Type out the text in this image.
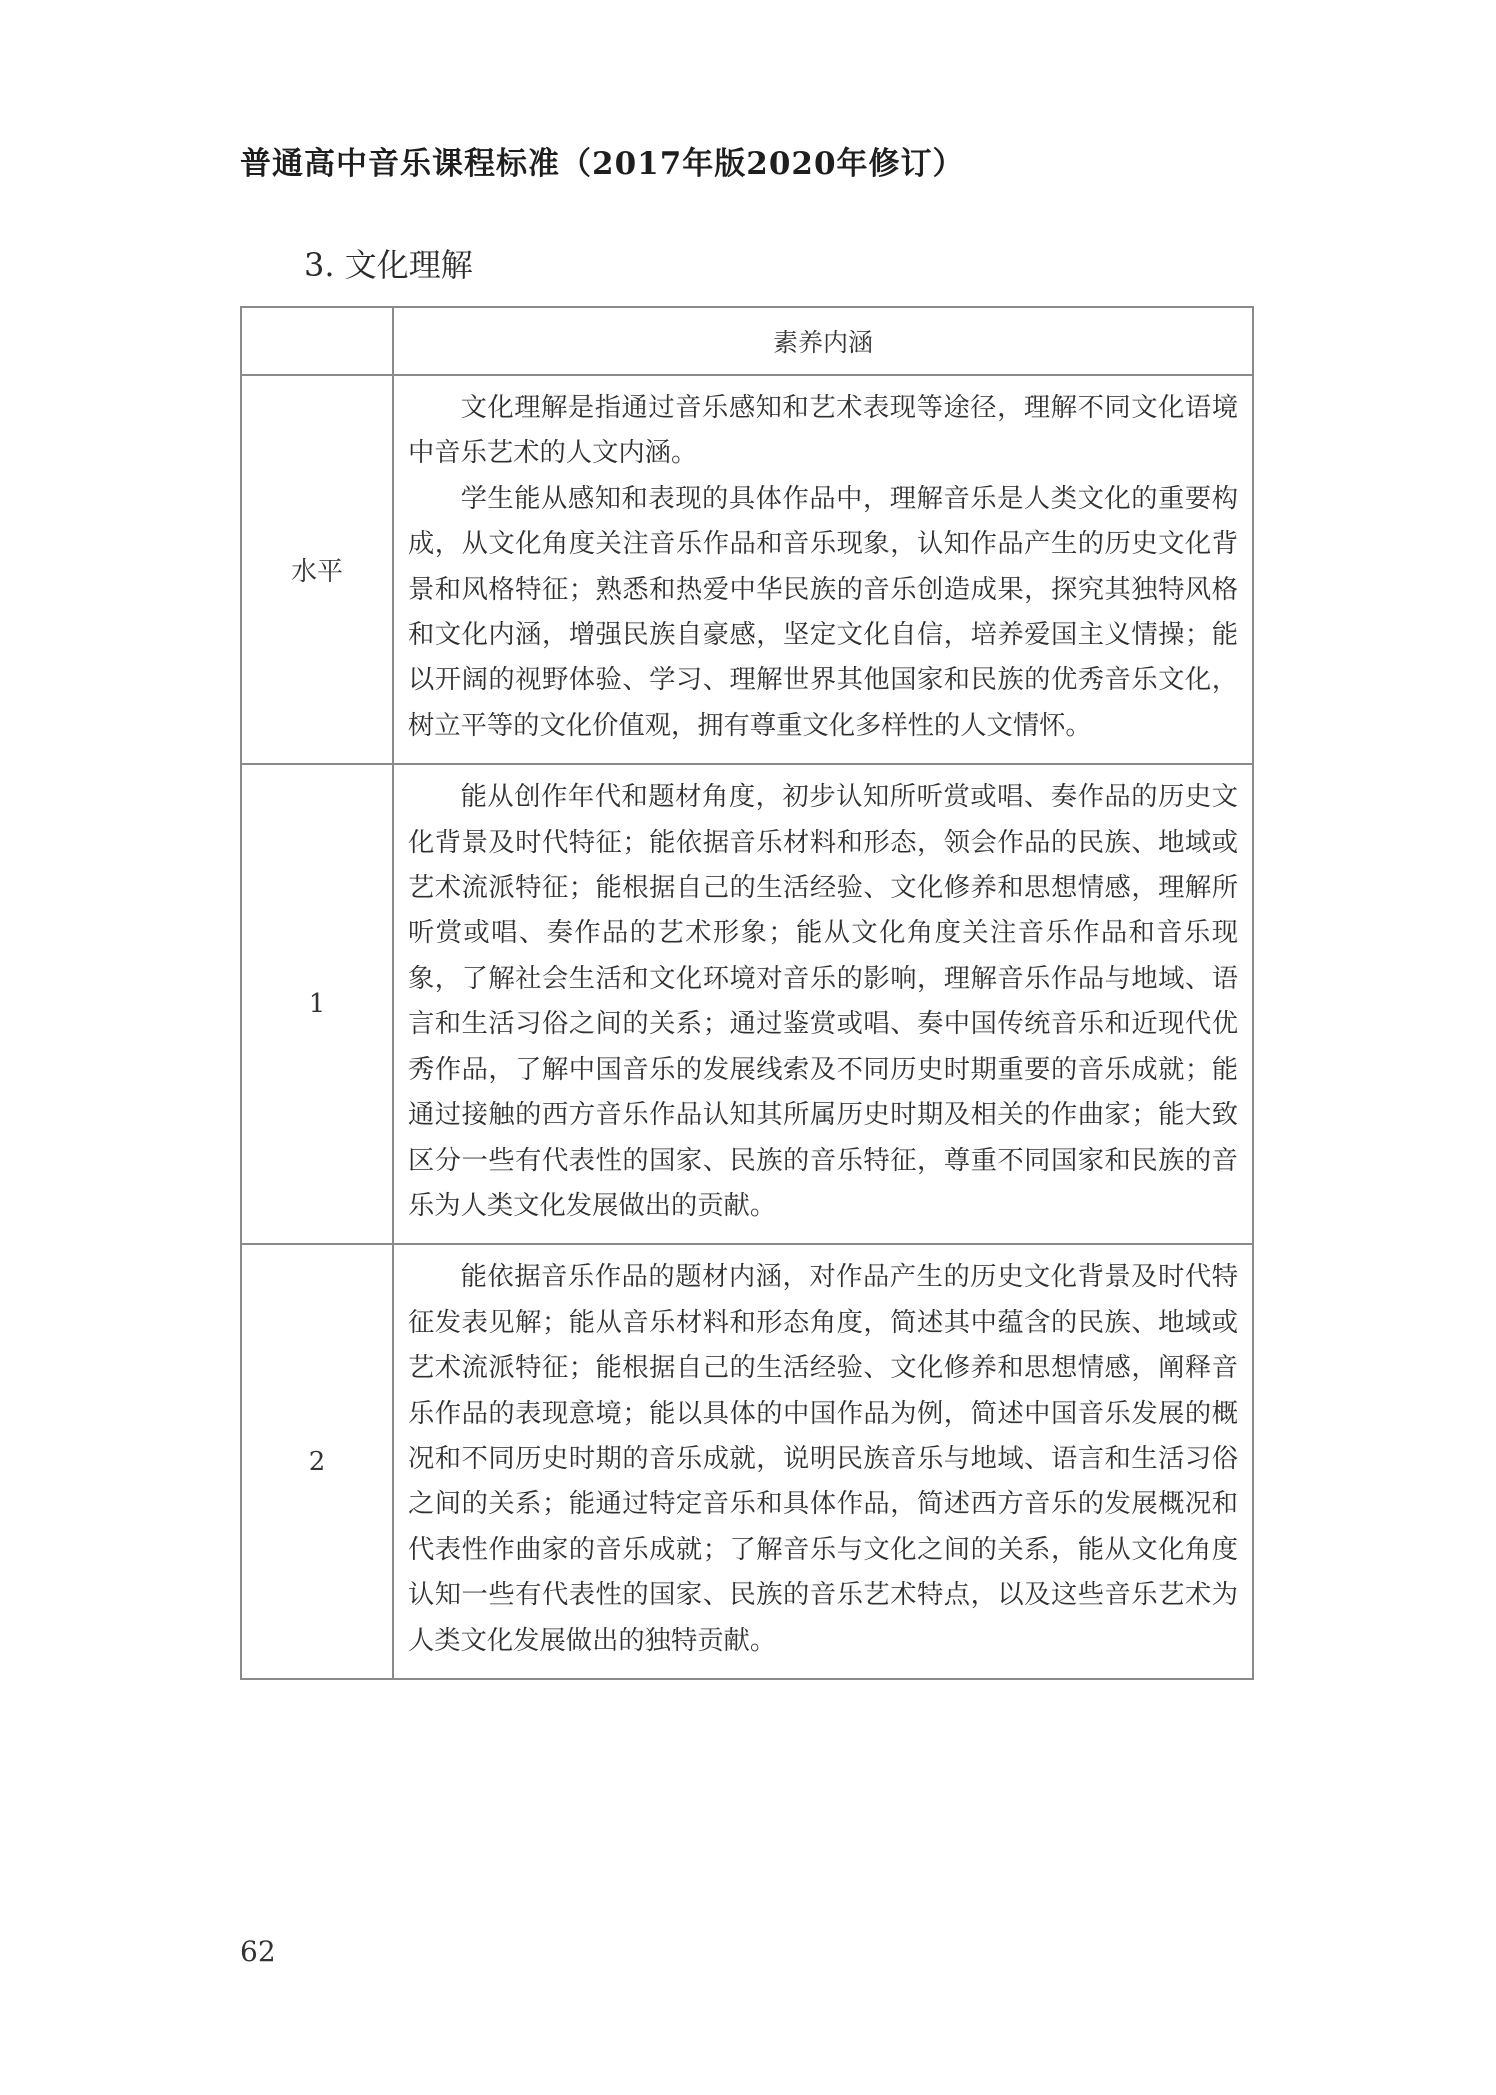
普通高中音乐课程标准（2017年版2020年修订）
3. 文化理解
	素养内涵
水平	文化理解是指通过音乐感知和艺术表现等途径，理解不同文化语境中音乐艺术的人文内涵。

学生能从感知和表现的具体作品中，理解音乐是人类文化的重要构成，从文化角度关注音乐作品和音乐现象，认知作品产生的历史文化背景和风格特征；熟悉和热爱中华民族的音乐创造成果，探究其独特风格和文化内涵，增强民族自豪感，坚定文化自信，培养爱国主义情操；能以开阔的视野体验、学习、理解世界其他国家和民族的优秀音乐文化，树立平等的文化价值观，拥有尊重文化多样性的人文情怀。

1	能从创作年代和题材角度，初步认知所听赏或唱、奏作品的历史文化背景及时代特征；能依据音乐材料和形态，领会作品的民族、地域或艺术流派特征；能根据自己的生活经验、文化修养和思想情感，理解所听赏或唱、奏作品的艺术形象；能从文化角度关注音乐作品和音乐现象，了解社会生活和文化环境对音乐的影响，理解音乐作品与地域、语言和生活习俗之间的关系；通过鉴赏或唱、奏中国传统音乐和近现代优秀作品，了解中国音乐的发展线索及不同历史时期重要的音乐成就；能通过接触的西方音乐作品认知其所属历史时期及相关的作曲家；能大致区分一些有代表性的国家、民族的音乐特征，尊重不同国家和民族的音乐为人类文化发展做出的贡献。

2	能依据音乐作品的题材内涵，对作品产生的历史文化背景及时代特征发表见解；能从音乐材料和形态角度，简述其中蕴含的民族、地域或艺术流派特征；能根据自己的生活经验、文化修养和思想情感，阐释音乐作品的表现意境；能以具体的中国作品为例，简述中国音乐发展的概况和不同历史时期的音乐成就，说明民族音乐与地域、语言和生活习俗之间的关系；能通过特定音乐和具体作品，简述西方音乐的发展概况和代表性作曲家的音乐成就；了解音乐与文化之间的关系，能从文化角度认知一些有代表性的国家、民族的音乐艺术特点，以及这些音乐艺术为人类文化发展做出的独特贡献。

62
